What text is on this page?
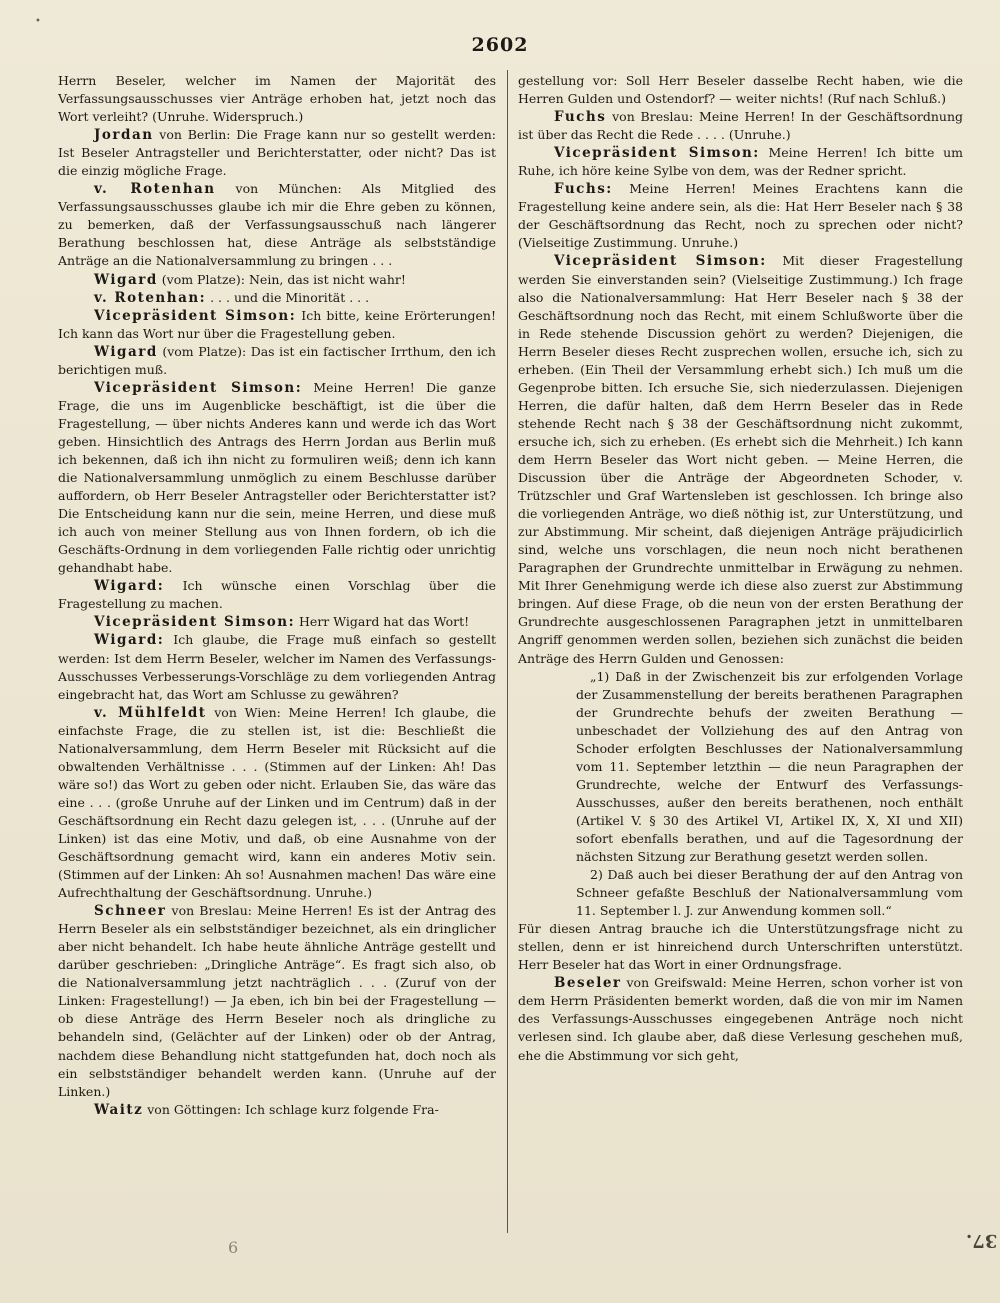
•
2602

Herrn Beseler, welcher im Namen der Majorität des Verfassungsausschusses vier Anträge erhoben hat, jetzt noch das Wort verleiht? (Unruhe. Widerspruch.)

Jordan von Berlin: Die Frage kann nur so gestellt werden: Ist Beseler Antragsteller und Berichterstatter, oder nicht? Das ist die einzig mögliche Frage.

v. Rotenhan von München: Als Mitglied des Verfassungsausschusses glaube ich mir die Ehre geben zu können, zu bemerken, daß der Verfassungsausschuß nach längerer Berathung beschlossen hat, diese Anträge als selbstständige Anträge an die Nationalversammlung zu bringen . . .

Wigard (vom Platze): Nein, das ist nicht wahr!

v. Rotenhan: . . . und die Minorität . . .

Vicepräsident Simson: Ich bitte, keine Erörterungen! Ich kann das Wort nur über die Fragestellung geben.

Wigard (vom Platze): Das ist ein factischer Irrthum, den ich berichtigen muß.

Vicepräsident Simson: Meine Herren! Die ganze Frage, die uns im Augenblicke beschäftigt, ist die über die Fragestellung, — über nichts Anderes kann und werde ich das Wort geben. Hinsichtlich des Antrags des Herrn Jordan aus Berlin muß ich bekennen, daß ich ihn nicht zu formuliren weiß; denn ich kann die Nationalversammlung unmöglich zu einem Beschlusse darüber auffordern, ob Herr Beseler Antragsteller oder Berichterstatter ist? Die Entscheidung kann nur die sein, meine Herren, und diese muß ich auch von meiner Stellung aus von Ihnen fordern, ob ich die Geschäfts-Ordnung in dem vorliegenden Falle richtig oder unrichtig gehandhabt habe.

Wigard: Ich wünsche einen Vorschlag über die Fragestellung zu machen.

Vicepräsident Simson: Herr Wigard hat das Wort!

Wigard: Ich glaube, die Frage muß einfach so gestellt werden: Ist dem Herrn Beseler, welcher im Namen des Verfassungs-Ausschusses Verbesserungs-Vorschläge zu dem vorliegenden Antrag eingebracht hat, das Wort am Schlusse zu gewähren?

v. Mühlfeldt von Wien: Meine Herren! Ich glaube, die einfachste Frage, die zu stellen ist, ist die: Beschließt die Nationalversammlung, dem Herrn Beseler mit Rücksicht auf die obwaltenden Verhältnisse . . . (Stimmen auf der Linken: Ah! Das wäre so!) das Wort zu geben oder nicht. Erlauben Sie, das wäre das eine . . . (große Unruhe auf der Linken und im Centrum) daß in der Geschäftsordnung ein Recht dazu gelegen ist, . . . (Unruhe auf der Linken) ist das eine Motiv, und daß, ob eine Ausnahme von der Geschäftsordnung gemacht wird, kann ein anderes Motiv sein. (Stimmen auf der Linken: Ah so! Ausnahmen machen! Das wäre eine Aufrechthaltung der Geschäftsordnung. Unruhe.)

Schneer von Breslau: Meine Herren! Es ist der Antrag des Herrn Beseler als ein selbstständiger bezeichnet, als ein dringlicher aber nicht behandelt. Ich habe heute ähnliche Anträge gestellt und darüber geschrieben: „Dringliche Anträge“. Es fragt sich also, ob die Nationalversammlung jetzt nachträglich . . . (Zuruf von der Linken: Fragestellung!) — Ja eben, ich bin bei der Fragestellung — ob diese Anträge des Herrn Beseler noch als dringliche zu behandeln sind, (Gelächter auf der Linken) oder ob der Antrag, nachdem diese Behandlung nicht stattgefunden hat, doch noch als ein selbstständiger behandelt werden kann. (Unruhe auf der Linken.)

Waitz von Göttingen: Ich schlage kurz folgende Fra-

gestellung vor: Soll Herr Beseler dasselbe Recht haben, wie die Herren Gulden und Ostendorf? — weiter nichts! (Ruf nach Schluß.)

Fuchs von Breslau: Meine Herren! In der Geschäftsordnung ist über das Recht die Rede . . . . (Unruhe.)

Vicepräsident Simson: Meine Herren! Ich bitte um Ruhe, ich höre keine Sylbe von dem, was der Redner spricht.

Fuchs: Meine Herren! Meines Erachtens kann die Fragestellung keine andere sein, als die: Hat Herr Beseler nach § 38 der Geschäftsordnung das Recht, noch zu sprechen oder nicht? (Vielseitige Zustimmung. Unruhe.)

Vicepräsident Simson: Mit dieser Fragestellung werden Sie einverstanden sein? (Vielseitige Zustimmung.) Ich frage also die Nationalversammlung: Hat Herr Beseler nach § 38 der Geschäftsordnung noch das Recht, mit einem Schlußworte über die in Rede stehende Discussion gehört zu werden? Diejenigen, die Herrn Beseler dieses Recht zusprechen wollen, ersuche ich, sich zu erheben. (Ein Theil der Versammlung erhebt sich.) Ich muß um die Gegenprobe bitten. Ich ersuche Sie, sich niederzulassen. Diejenigen Herren, die dafür halten, daß dem Herrn Beseler das in Rede stehende Recht nach § 38 der Geschäftsordnung nicht zukommt, ersuche ich, sich zu erheben. (Es erhebt sich die Mehrheit.) Ich kann dem Herrn Beseler das Wort nicht geben. — Meine Herren, die Discussion über die Anträge der Abgeordneten Schoder, v. Trützschler und Graf Wartensleben ist geschlossen. Ich bringe also die vorliegenden Anträge, wo dieß nöthig ist, zur Unterstützung, und zur Abstimmung. Mir scheint, daß diejenigen Anträge präjudicirlich sind, welche uns vorschlagen, die neun noch nicht berathenen Paragraphen der Grundrechte unmittelbar in Erwägung zu nehmen. Mit Ihrer Genehmigung werde ich diese also zuerst zur Abstimmung bringen. Auf diese Frage, ob die neun von der ersten Berathung der Grundrechte ausgeschlossenen Paragraphen jetzt in unmittelbaren Angriff genommen werden sollen, beziehen sich zunächst die beiden Anträge des Herrn Gulden und Genossen:

„1) Daß in der Zwischenzeit bis zur erfolgenden Vorlage der Zusammenstellung der bereits berathenen Paragraphen der Grundrechte behufs der zweiten Berathung — unbeschadet der Vollziehung des auf den Antrag von Schoder erfolgten Beschlusses der Nationalversammlung vom 11. September letzthin — die neun Paragraphen der Grundrechte, welche der Entwurf des Verfassungs-Ausschusses, außer den bereits berathenen, noch enthält (Artikel V. § 30 des Artikel VI, Artikel IX, X, XI und XII) sofort ebenfalls berathen, und auf die Tagesordnung der nächsten Sitzung zur Berathung gesetzt werden sollen.

2) Daß auch bei dieser Berathung der auf den Antrag von Schneer gefaßte Beschluß der Nationalversammlung vom 11. September l. J. zur Anwendung kommen soll.“

Für diesen Antrag brauche ich die Unterstützungsfrage nicht zu stellen, denn er ist hinreichend durch Unterschriften unterstützt. Herr Beseler hat das Wort in einer Ordnungsfrage.

Beseler von Greifswald: Meine Herren, schon vorher ist von dem Herrn Präsidenten bemerkt worden, daß die von mir im Namen des Verfassungs-Ausschusses eingegebenen Anträge noch nicht verlesen sind. Ich glaube aber, daß diese Verlesung geschehen muß, ehe die Abstimmung vor sich geht,

6	37.
